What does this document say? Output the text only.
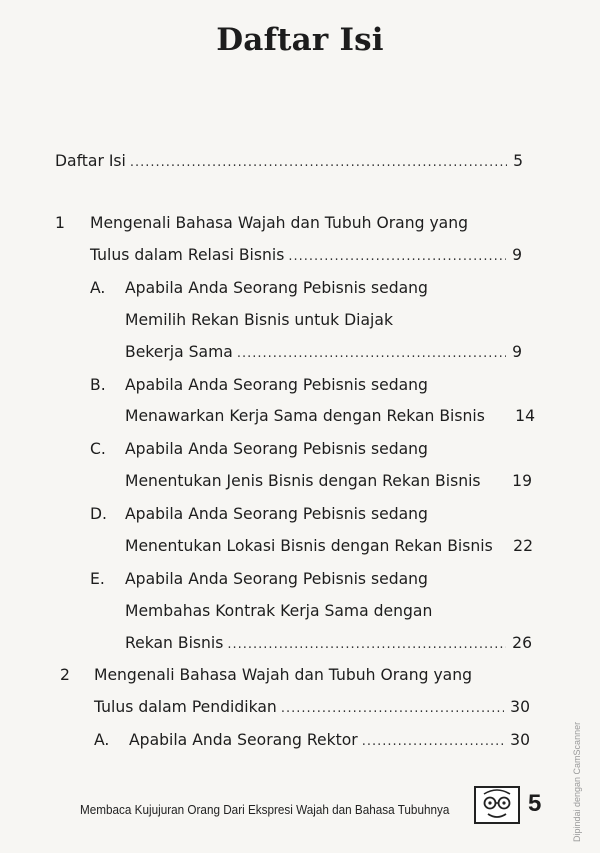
Daftar Isi
Daftar Isi .....	5
1 Mengenali Bahasa Wajah dan Tubuh Orang yang
Tulus dalam Relasi Bisnis .....	9
A. Apabila Anda Seorang Pebisnis sedang
Memilih Rekan Bisnis untuk Diajak
Bekerja Sama .....	9
B. Apabila Anda Seorang Pebisnis sedang
Menawarkan Kerja Sama dengan Rekan Bisnis 14
C. Apabila Anda Seorang Pebisnis sedang
Menentukan Jenis Bisnis dengan Rekan Bisnis 19
D. Apabila Anda Seorang Pebisnis sedang
Menentukan Lokasi Bisnis dengan Rekan Bisnis 22
E. Apabila Anda Seorang Pebisnis sedang
Membahas Kontrak Kerja Sama dengan
Rekan Bisnis .....	26
2 Mengenali Bahasa Wajah dan Tubuh Orang yang
Tulus dalam Pendidikan .....	30
A. Apabila Anda Seorang Rektor .....	30
Membaca Kujujuran Orang Dari Ekspresi Wajah dan Bahasa Tubuhnya	5	Dipindai dengan CamScanner
